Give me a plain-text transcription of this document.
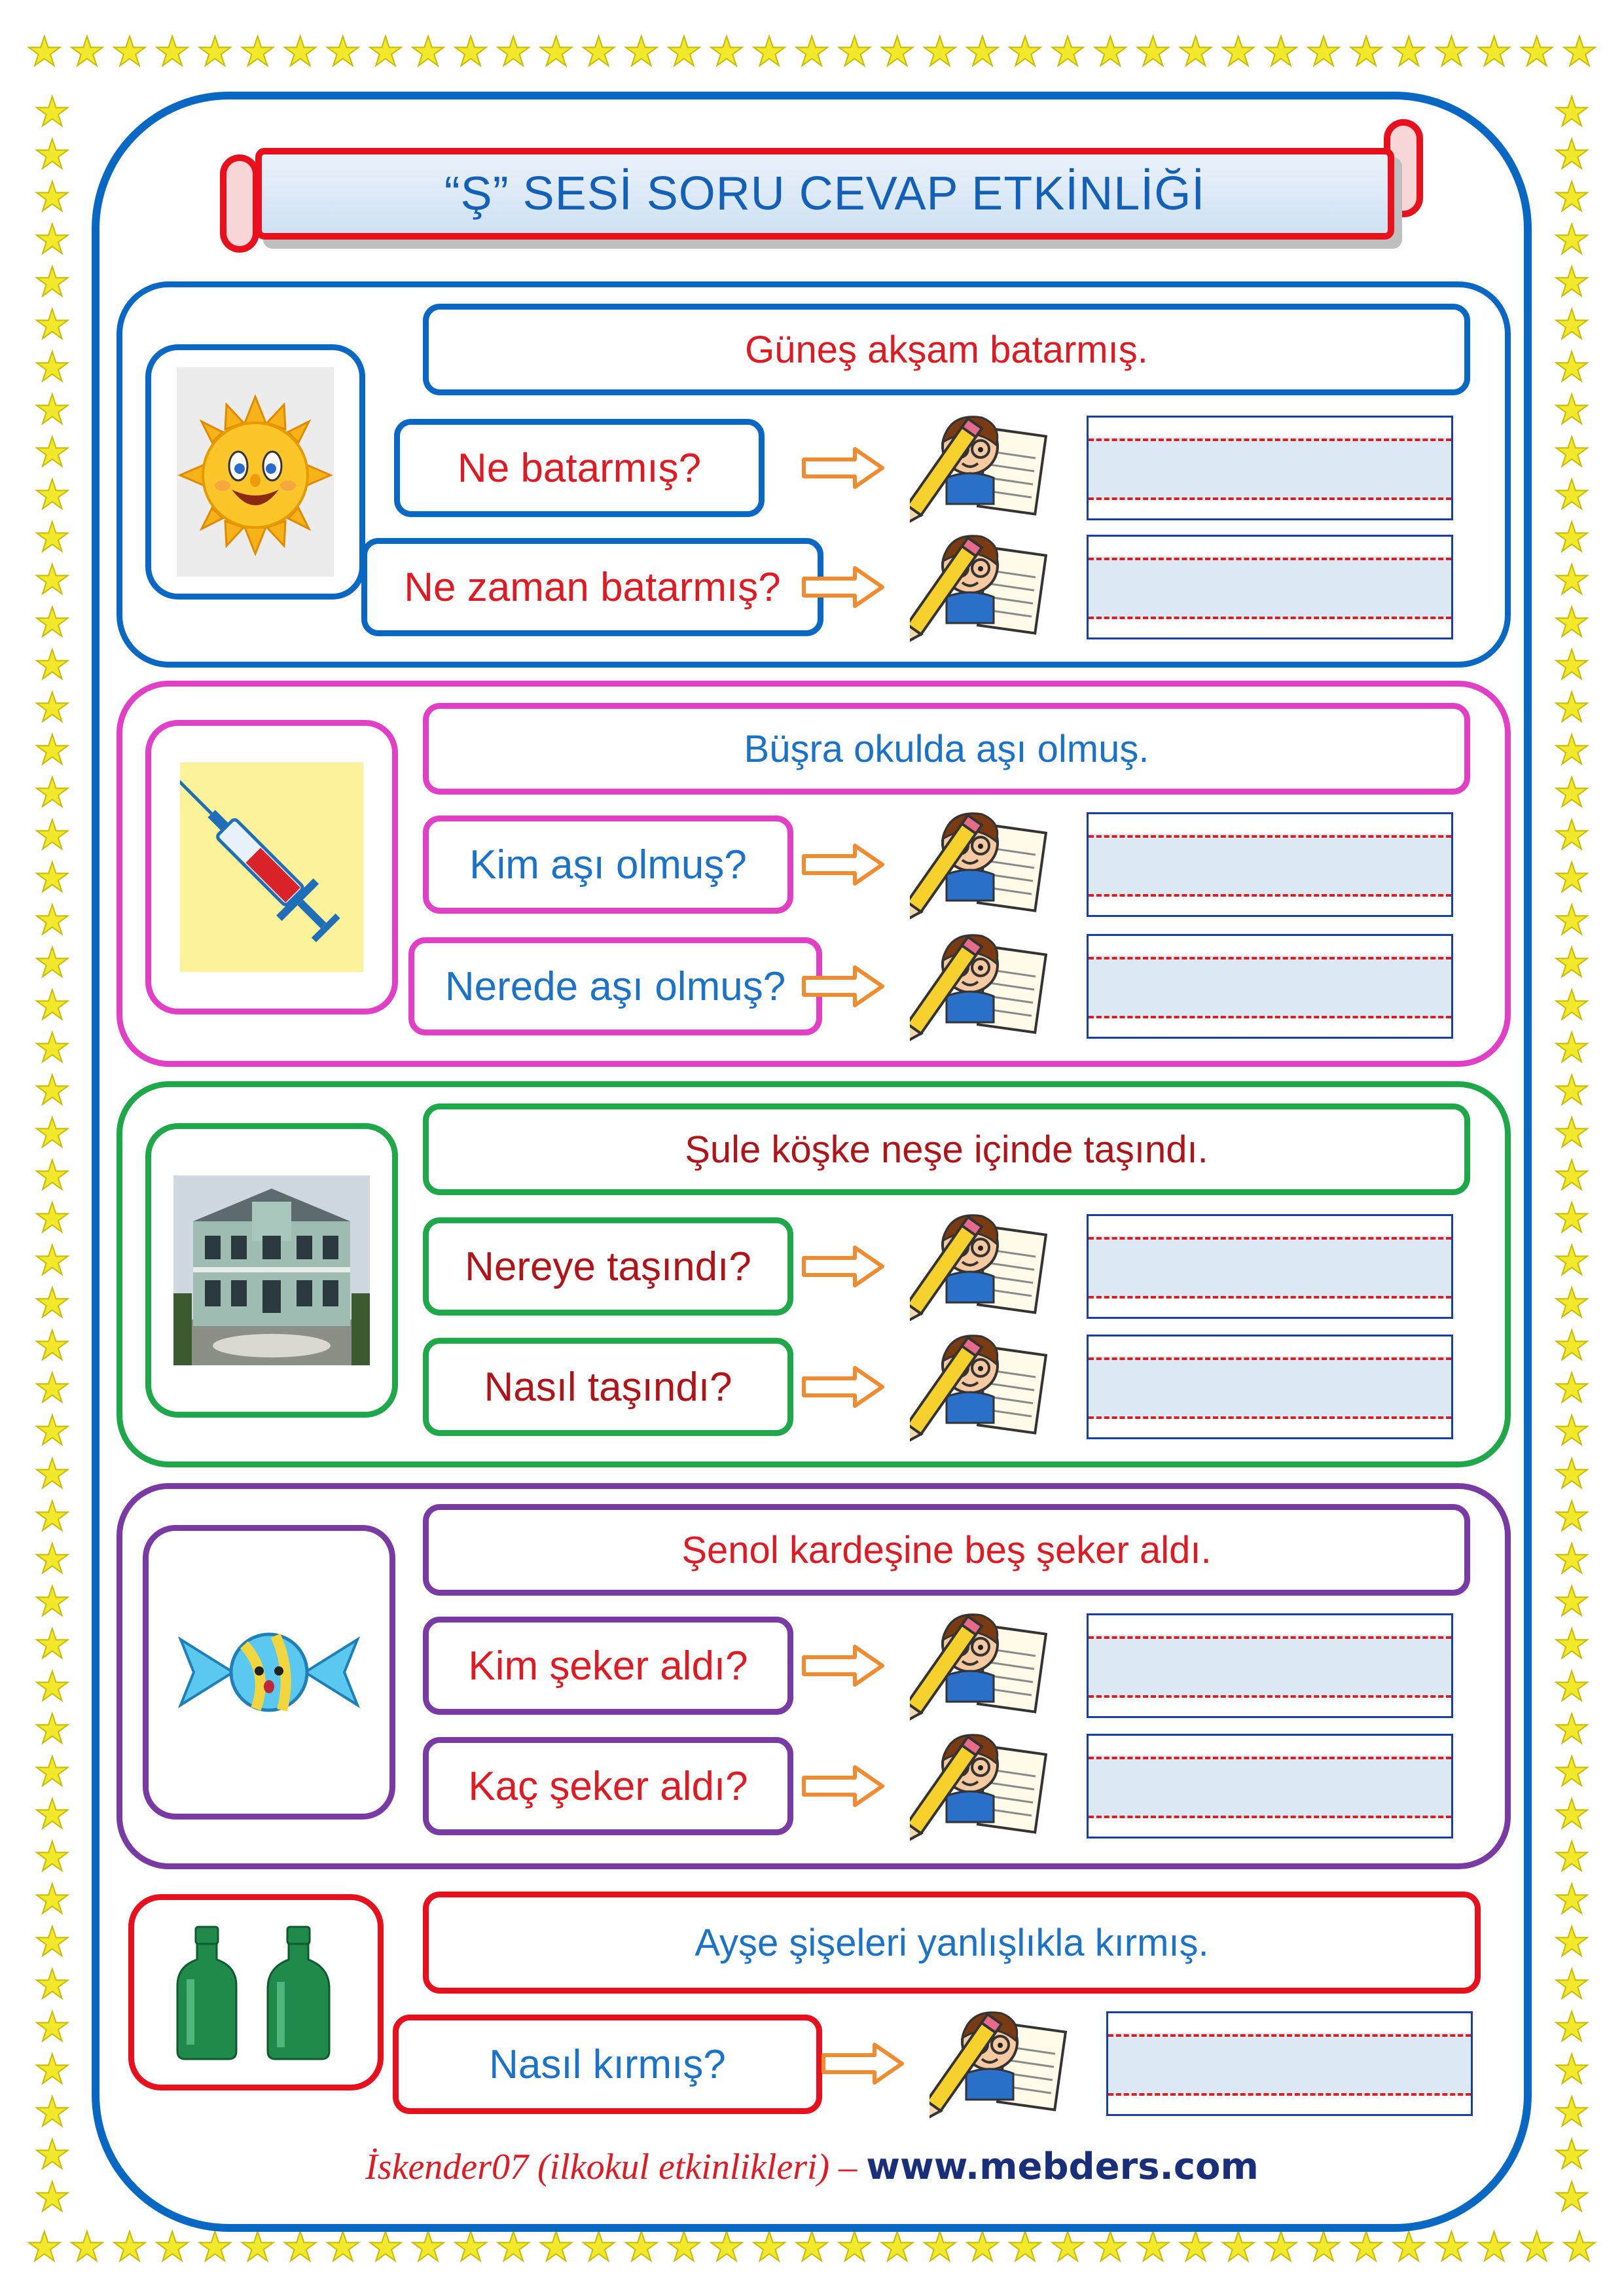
★ ★ ★ ★ ★ ★ ★ ★ ★ ★ ★ ★ ★ ★ ★ ★ ★ ★ ★ ★ ★ ★ ★ ★ ★ ★ ★ ★ ★ ★ ★ ★ ★ ★ ★ ★ ★
★ ★ ★ ★ ★ ★ ★ ★ ★ ★ ★ ★ ★ ★ ★ ★ ★ ★ ★ ★ ★ ★ ★ ★ ★ ★ ★ ★ ★ ★ ★ ★ ★ ★ ★ ★ ★
★
★
★
★
★
★
★
★
★
★
★
★
★
★
★
★
★
★
★
★
★
★
★
★
★
★
★
★
★
★
★
★
★
★
★
★
★
★
★
★
★
★
★
★
★
★
★
★
★
★
★
★
★
★
★
★
★
★
★
★
★
★
★
★
★
★
★
★
★
★
★
★
★
★
★
★
★
★
★
★
★
★
★
★
★
★
★
★
★
★
★
★
★
★
★
★
★
★
★
★
“Ş” SESİ SORU CEVAP ETKİNLİĞİ
Güneş akşam batarmış.
Ne batarmış?
Ne zaman batarmış?
Büşra okulda aşı olmuş.
Kim aşı olmuş?
Nerede aşı olmuş?
Şule köşke neşe içinde taşındı.
Nereye taşındı?
Nasıl taşındı?
Şenol kardeşine beş şeker aldı.
Kim şeker aldı?
Kaç şeker aldı?
Ayşe şişeleri yanlışlıkla kırmış.
Nasıl kırmış?
İskender07 (ilkokul etkinlikleri) – www.mebders.com
